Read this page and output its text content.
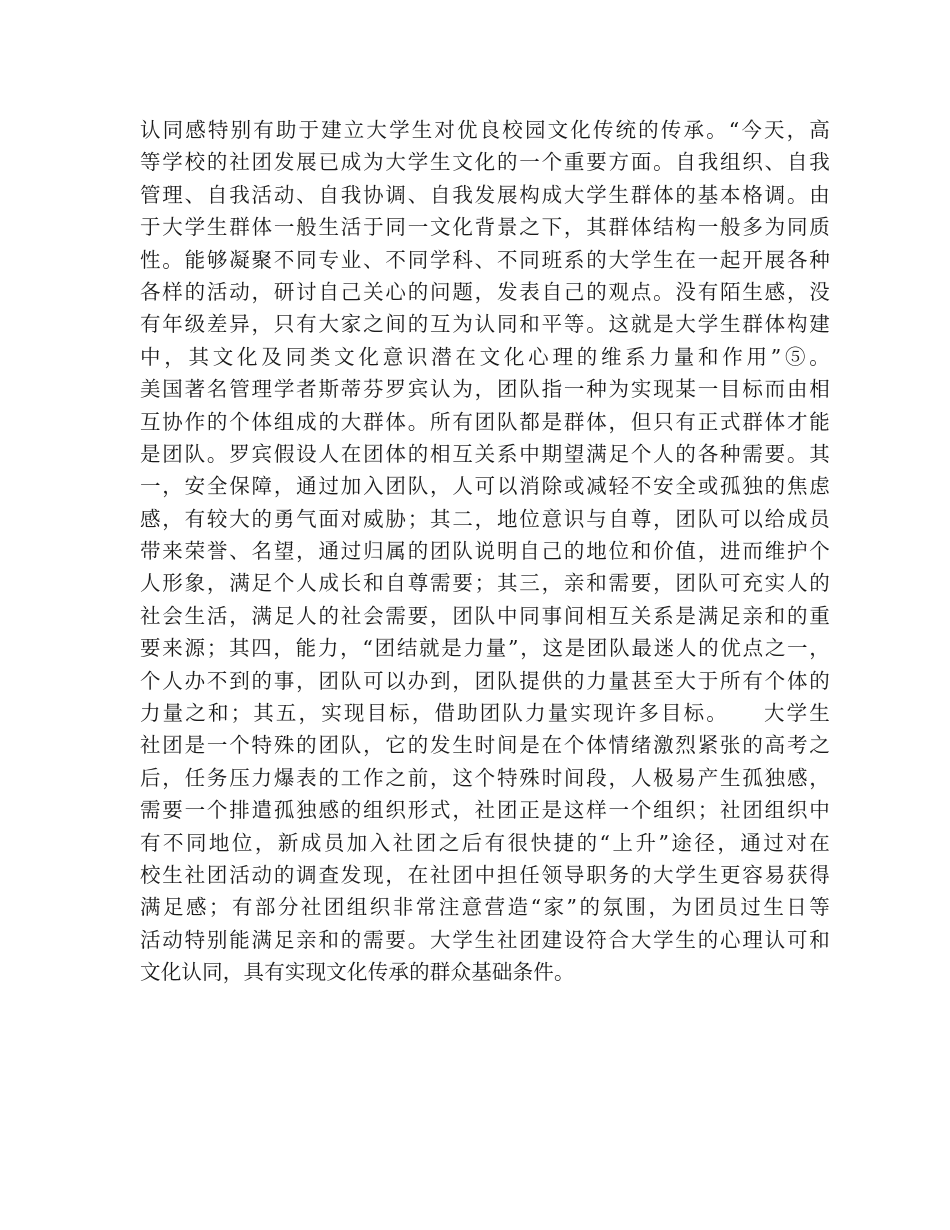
认同感特别有助于建立大学生对优良校园文化传统的传承。“今天，高
等学校的社团发展已成为大学生文化的一个重要方面。自我组织、自我
管理、自我活动、自我协调、自我发展构成大学生群体的基本格调。由
于大学生群体一般生活于同一文化背景之下，其群体结构一般多为同质
性。能够凝聚不同专业、不同学科、不同班系的大学生在一起开展各种
各样的活动，研讨自己关心的问题，发表自己的观点。没有陌生感，没
有年级差异，只有大家之间的互为认同和平等。这就是大学生群体构建
中，其文化及同类文化意识潜在文化心理的维系力量和作用”⑤。
美国著名管理学者斯蒂芬罗宾认为，团队指一种为实现某一目标而由相
互协作的个体组成的大群体。所有团队都是群体，但只有正式群体才能
是团队。罗宾假设人在团体的相互关系中期望满足个人的各种需要。其
一，安全保障，通过加入团队，人可以消除或减轻不安全或孤独的焦虑
感，有较大的勇气面对威胁；其二，地位意识与自尊，团队可以给成员
带来荣誉、名望，通过归属的团队说明自己的地位和价值，进而维护个
人形象，满足个人成长和自尊需要；其三，亲和需要，团队可充实人的
社会生活，满足人的社会需要，团队中同事间相互关系是满足亲和的重
要来源；其四，能力，“团结就是力量”，这是团队最迷人的优点之一，
个人办不到的事，团队可以办到，团队提供的力量甚至大于所有个体的
力量之和；其五，实现目标，借助团队力量实现许多目标。　　大学生
社团是一个特殊的团队，它的发生时间是在个体情绪激烈紧张的高考之
后，任务压力爆表的工作之前，这个特殊时间段，人极易产生孤独感，
需要一个排遣孤独感的组织形式，社团正是这样一个组织；社团组织中
有不同地位，新成员加入社团之后有很快捷的“上升”途径，通过对在
校生社团活动的调查发现，在社团中担任领导职务的大学生更容易获得
满足感；有部分社团组织非常注意营造“家”的氛围，为团员过生日等
活动特别能满足亲和的需要。大学生社团建设符合大学生的心理认可和
文化认同，具有实现文化传承的群众基础条件。
